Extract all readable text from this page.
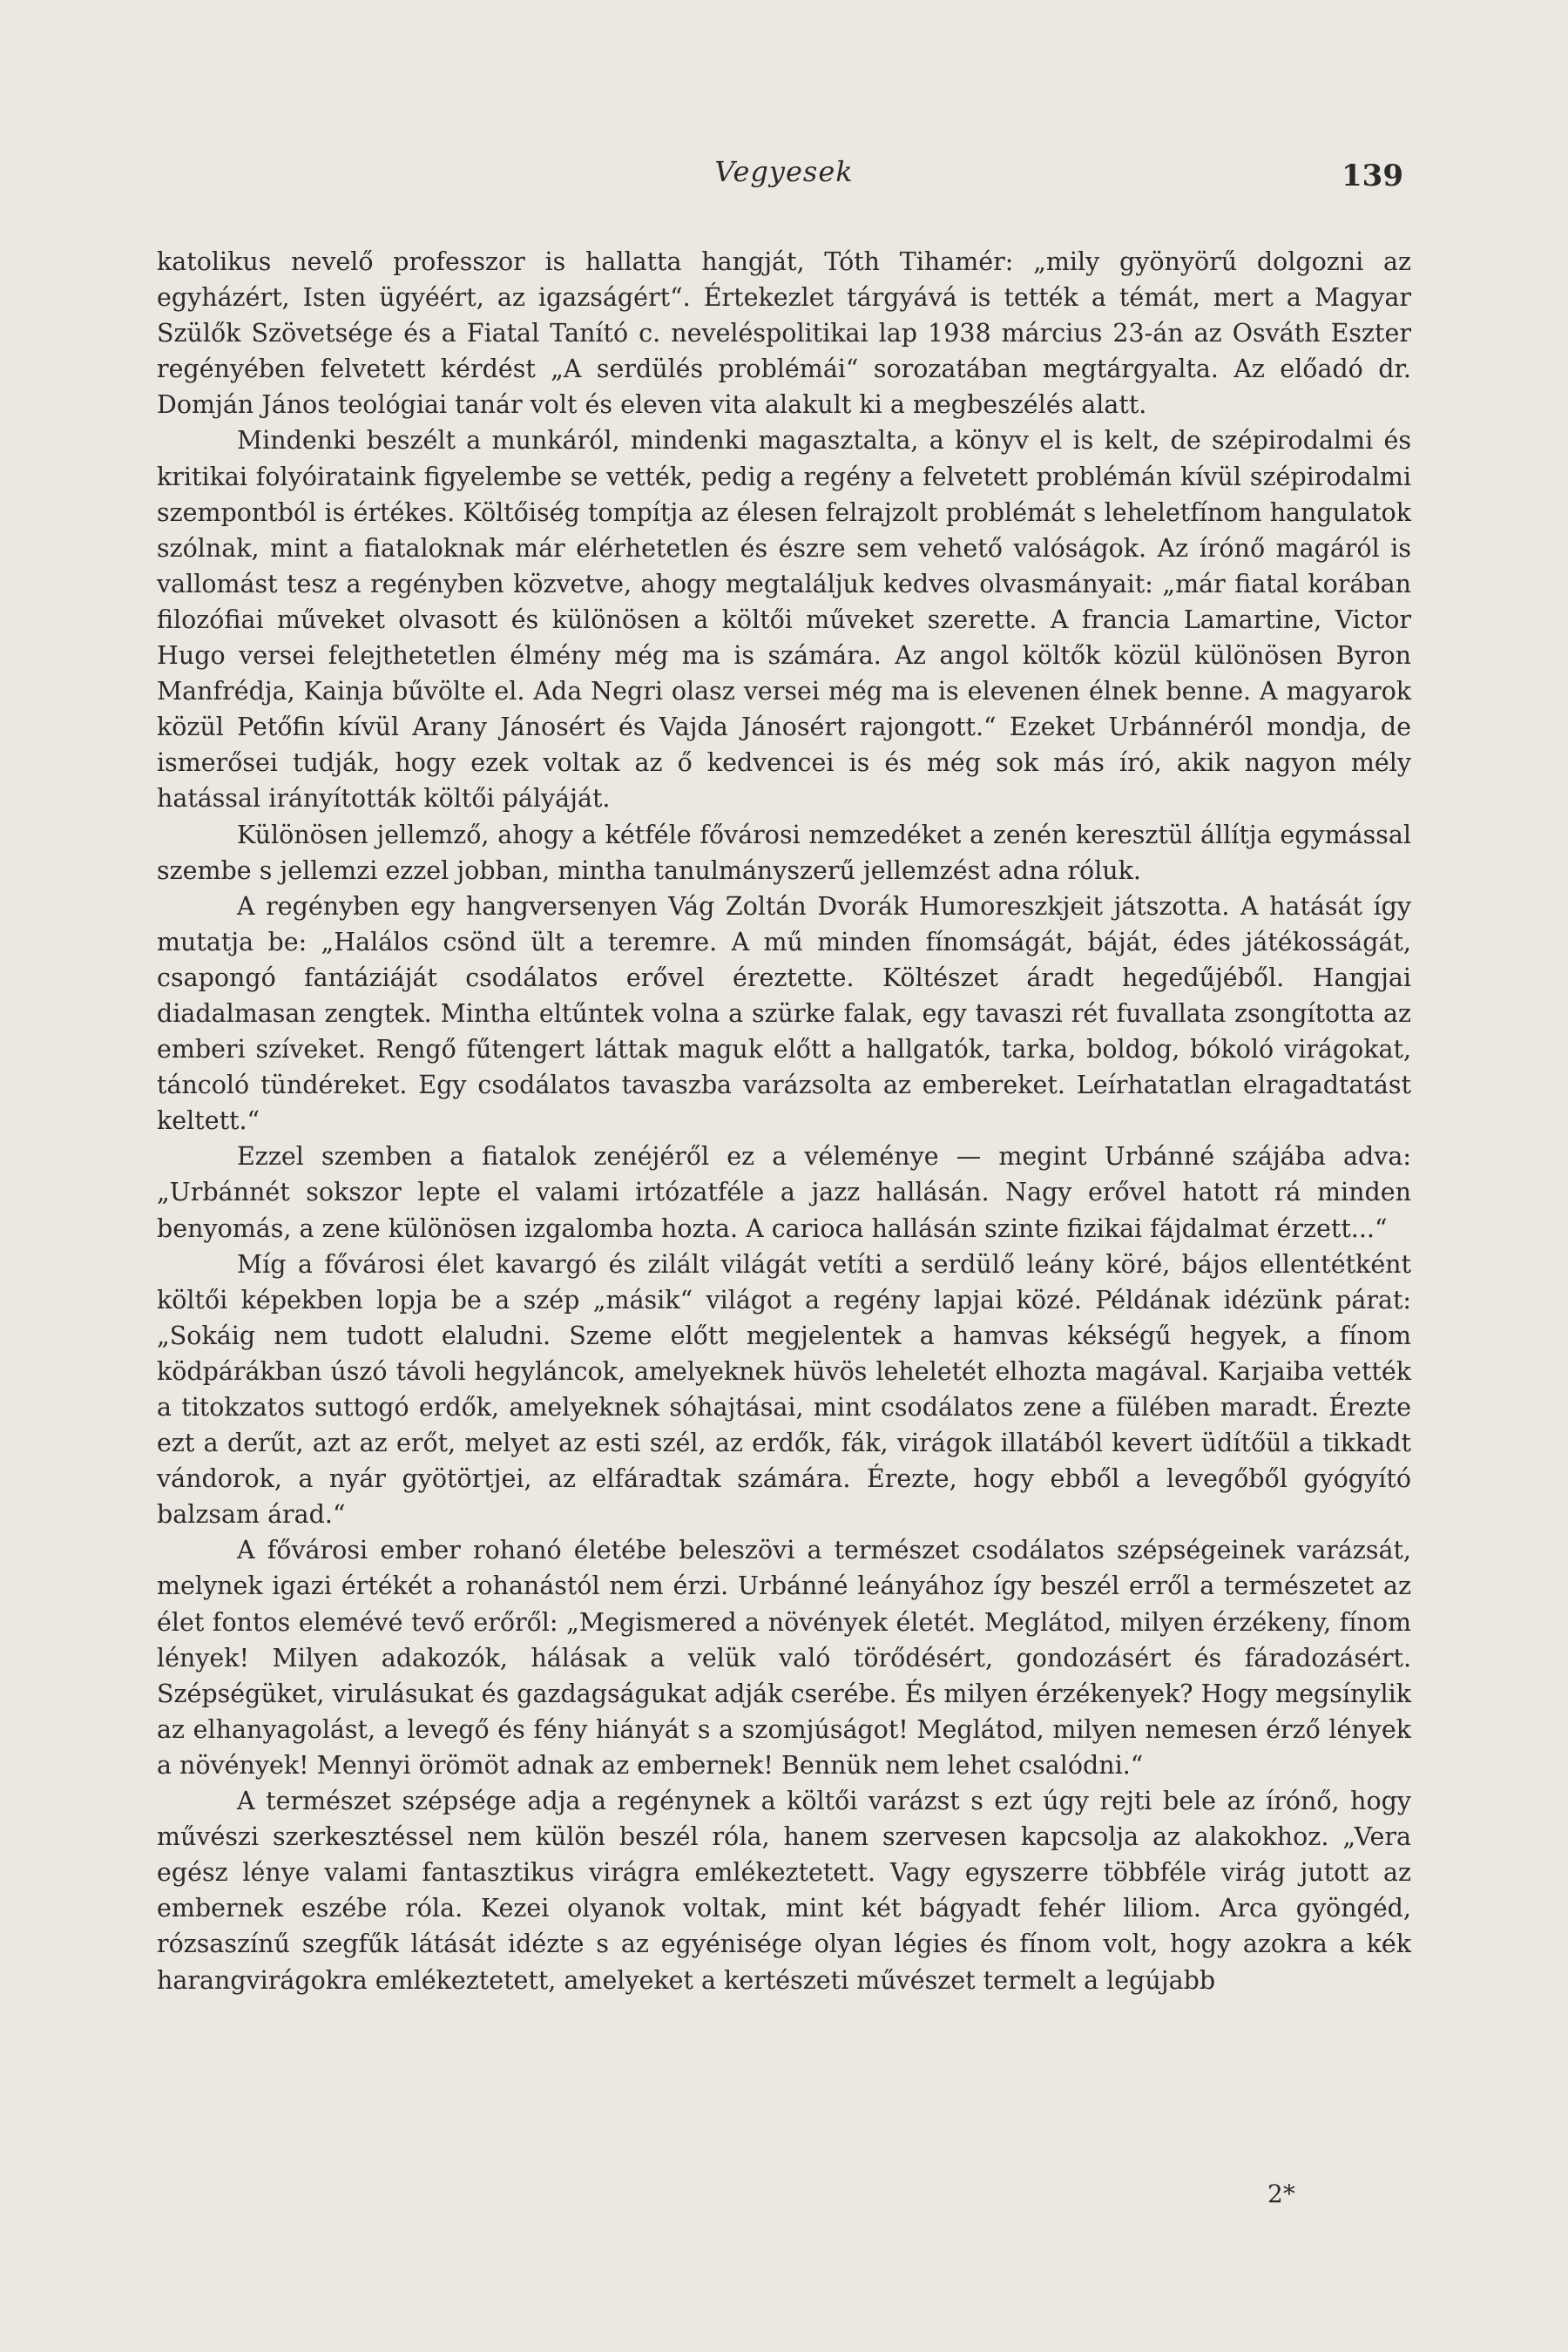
Vegyesek	139

katolikus nevelő professzor is hallatta hangját, Tóth Tihamér: „mily gyönyörű dolgozni az egyházért, Isten ügyéért, az igazságért“. Értekezlet tárgyává is tették a témát, mert a Magyar Szülők Szövetsége és a Fiatal Tanító c. neveléspolitikai lap 1938 március 23-án az Osváth Eszter regényében felvetett kérdést „A serdülés problémái“ sorozatában megtárgyalta. Az előadó dr. Domján János teológiai tanár volt és eleven vita alakult ki a megbeszélés alatt.

Mindenki beszélt a munkáról, mindenki magasztalta, a könyv el is kelt, de szépirodalmi és kritikai folyóirataink figyelembe se vették, pedig a regény a felvetett problémán kívül szépirodalmi szempontból is értékes. Költőiség tompítja az élesen felrajzolt problémát s leheletfínom hangulatok szólnak, mint a fiataloknak már elérhetetlen és észre sem vehető valóságok. Az írónő magáról is vallomást tesz a regényben közvetve, ahogy megtaláljuk kedves olvasmányait: „már fiatal korában filozófiai műveket olvasott és különösen a költői műveket szerette. A francia Lamartine, Victor Hugo versei felejthetetlen élmény még ma is számára. Az angol költők közül különösen Byron Manfrédja, Kainja bűvölte el. Ada Negri olasz versei még ma is elevenen élnek benne. A magyarok közül Petőfin kívül Arany Jánosért és Vajda Jánosért rajongott.“ Ezeket Urbánnéról mondja, de ismerősei tudják, hogy ezek voltak az ő kedvencei is és még sok más író, akik nagyon mély hatással irányították költői pályáját.

Különösen jellemző, ahogy a kétféle fővárosi nemzedéket a zenén keresztül állítja egymással szembe s jellemzi ezzel jobban, mintha tanulmányszerű jellemzést adna róluk.

A regényben egy hangversenyen Vág Zoltán Dvorák Humoreszkjeit játszotta. A hatását így mutatja be: „Halálos csönd ült a teremre. A mű minden fínomságát, báját, édes játékosságát, csapongó fantáziáját csodálatos erővel éreztette. Költészet áradt hegedűjéből. Hangjai diadalmasan zengtek. Mintha eltűntek volna a szürke falak, egy tavaszi rét fuvallata zsongította az emberi szíveket. Rengő fűtengert láttak maguk előtt a hallgatók, tarka, boldog, bókoló virágokat, táncoló tündéreket. Egy csodálatos tavaszba varázsolta az embereket. Leírhatatlan elragadtatást keltett.“

Ezzel szemben a fiatalok zenéjéről ez a véleménye — megint Urbánné szájába adva: „Urbánnét sokszor lepte el valami irtózatféle a jazz hallásán. Nagy erővel hatott rá minden benyomás, a zene különösen izgalomba hozta. A carioca hallásán szinte fizikai fájdalmat érzett...“

Míg a fővárosi élet kavargó és zilált világát vetíti a serdülő leány köré, bájos ellentétként költői képekben lopja be a szép „másik“ világot a regény lapjai közé. Példának idézünk párat: „Sokáig nem tudott elaludni. Szeme előtt megjelentek a hamvas kékségű hegyek, a fínom ködpárákban úszó távoli hegyláncok, amelyeknek hüvös leheletét elhozta magával. Karjaiba vették a titokzatos suttogó erdők, amelyeknek sóhajtásai, mint csodálatos zene a fülében maradt. Érezte ezt a derűt, azt az erőt, melyet az esti szél, az erdők, fák, virágok illatából kevert üdítőül a tikkadt vándorok, a nyár gyötörtjei, az elfáradtak számára. Érezte, hogy ebből a levegőből gyógyító balzsam árad.“

A fővárosi ember rohanó életébe beleszövi a természet csodálatos szépségeinek varázsát, melynek igazi értékét a rohanástól nem érzi. Urbánné leányához így beszél erről a természetet az élet fontos elemévé tevő erőről: „Megismered a növények életét. Meglátod, milyen érzékeny, fínom lények! Milyen adakozók, hálásak a velük való törődésért, gondozásért és fáradozásért. Szépségüket, virulásukat és gazdagságukat adják cserébe. És milyen érzékenyek? Hogy megsínylik az elhanyagolást, a levegő és fény hiányát s a szomjúságot! Meglátod, milyen nemesen érző lények a növények! Mennyi örömöt adnak az embernek! Bennük nem lehet csalódni.“

A természet szépsége adja a regénynek a költői varázst s ezt úgy rejti bele az írónő, hogy művészi szerkesztéssel nem külön beszél róla, hanem szervesen kapcsolja az alakokhoz. „Vera egész lénye valami fantasztikus virágra emlékeztetett. Vagy egyszerre többféle virág jutott az embernek eszébe róla. Kezei olyanok voltak, mint két bágyadt fehér liliom. Arca gyöngéd, rózsaszínű szegfűk látását idézte s az egyénisége olyan légies és fínom volt, hogy azokra a kék harangvirágokra emlékeztetett, amelyeket a kertészeti művészet termelt a legújabb

2*
